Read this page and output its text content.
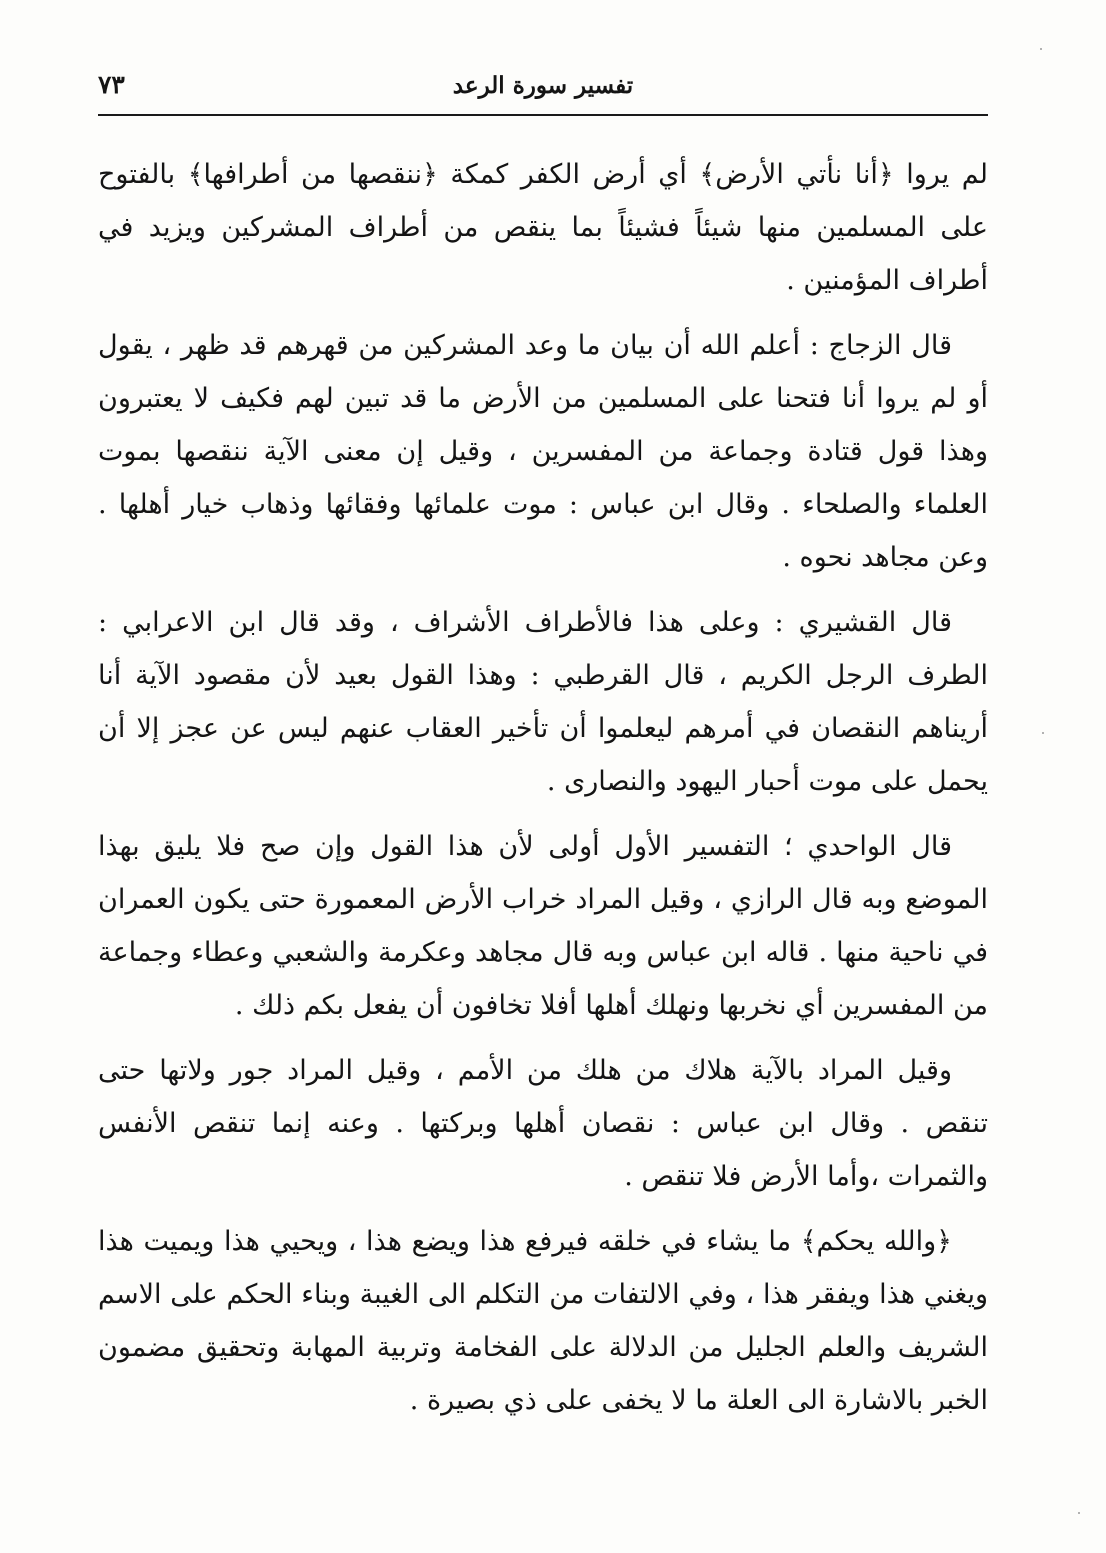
تفسير سورة الرعد
٧٣

لم يروا ﴿أنا نأتي الأرض﴾ أي أرض الكفر كمكة ﴿ننقصها من أطرافها﴾ بالفتوح على المسلمين منها شيئاً فشيئاً بما ينقص من أطراف المشركين ويزيد في أطراف المؤمنين .

قال الزجاج : أعلم الله أن بيان ما وعد المشركين من قهرهم قد ظهر ، يقول أو لم يروا أنا فتحنا على المسلمين من الأرض ما قد تبين لهم فكيف لا يعتبرون وهذا قول قتادة وجماعة من المفسرين ، وقيل إن معنى الآية ننقصها بموت العلماء والصلحاء . وقال ابن عباس : موت علمائها وفقائها وذهاب خيار أهلها . وعن مجاهد نحوه .

قال القشيري : وعلى هذا فالأطراف الأشراف ، وقد قال ابن الاعرابي : الطرف الرجل الكريم ، قال القرطبي : وهذا القول بعيد لأن مقصود الآية أنا أريناهم النقصان في أمرهم ليعلموا أن تأخير العقاب عنهم ليس عن عجز إلا أن يحمل على موت أحبار اليهود والنصارى .

قال الواحدي ؛ التفسير الأول أولى لأن هذا القول وإن صح فلا يليق بهذا الموضع وبه قال الرازي ، وقيل المراد خراب الأرض المعمورة حتى يكون العمران في ناحية منها . قاله ابن عباس وبه قال مجاهد وعكرمة والشعبي وعطاء وجماعة من المفسرين أي نخربها ونهلك أهلها أفلا تخافون أن يفعل بكم ذلك .

وقيل المراد بالآية هلاك من هلك من الأمم ، وقيل المراد جور ولاتها حتى تنقص . وقال ابن عباس : نقصان أهلها وبركتها . وعنه إنما تنقص الأنفس والثمرات ،وأما الأرض فلا تنقص .

﴿والله يحكم﴾ ما يشاء في خلقه فيرفع هذا ويضع هذا ، ويحيي هذا ويميت هذا ويغني هذا ويفقر هذا ، وفي الالتفات من التكلم الى الغيبة وبناء الحكم على الاسم الشريف والعلم الجليل من الدلالة على الفخامة وتربية المهابة وتحقيق مضمون الخبر بالاشارة الى العلة ما لا يخفى على ذي بصيرة .
